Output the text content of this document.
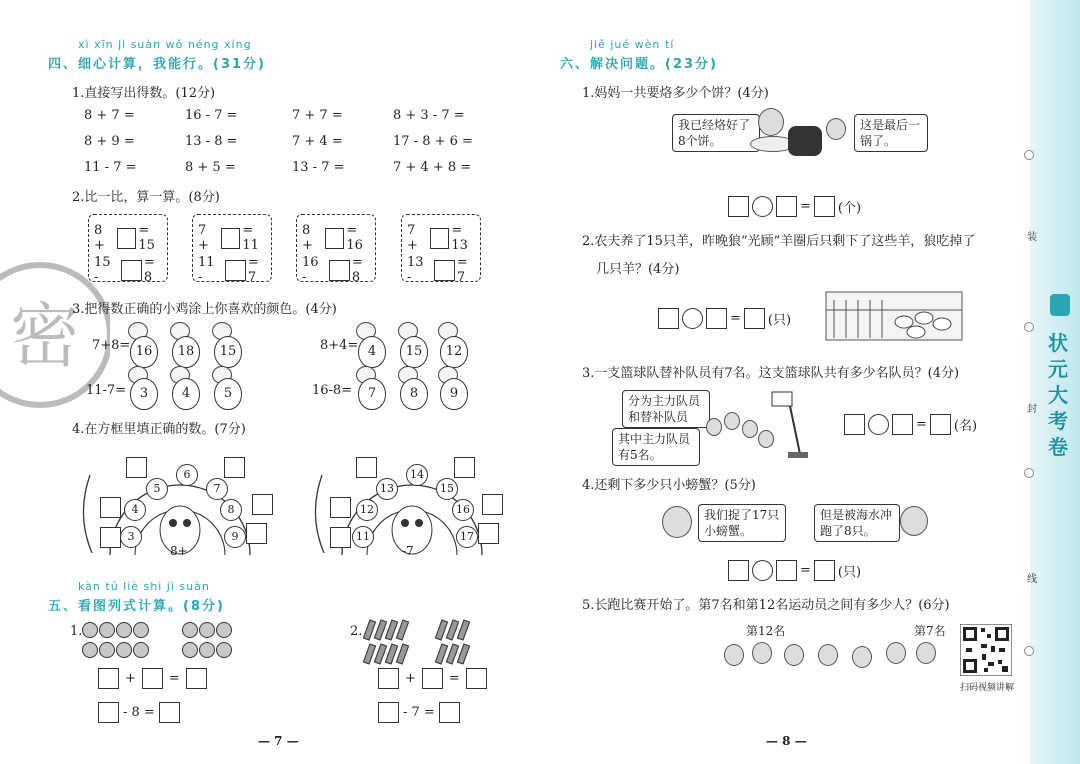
xì xīn jì suàn wǒ néng xíng
四、细心计算，我能行。(31分)
1.直接写出得数。(12分)
8 + 7 =	16 - 7 =	7 + 7 =	8 + 3 - 7 =
8 + 9 =	13 - 8 =	7 + 4 =	17 - 8 + 6 =
11 - 7 =	8 + 5 =	13 - 7 =	7 + 4 + 8 =
2.比一比，算一算。(8分)
8 +
= 15
15 -
= 8
7 +
= 11
11 -
= 7
8 +
= 16
16 -
= 8
7 +
= 13
13 -
= 7
密
3.把得数正确的小鸡涂上你喜欢的颜色。(4分)
7+8= 16	18	15	8+4= 4	15	12
11-7=	3	4	5	16-8=	7	8	9
4.在方框里填正确的数。(7分)
6
5	7
4	8
3	9
8+
14
13	15
12	16
11	17
-7
kàn tú liè shì jì suàn
五、看图列式计算。(8分)
1.

+	=
- 8 =
2.

+	=
- 7 =
— 7 —
jiě jué wèn tí
六、解决问题。(23分)
1.妈妈一共要烙多少个饼？(4分)
我已经烙好了8个饼。
这是最后一锅了。
= (个)
2.农夫养了15只羊，昨晚狼“光顾”羊圈后只剩下了这些羊，狼吃掉了
几只羊？(4分)
= (只)
3.一支篮球队替补队员有7名。这支篮球队共有多少名队员？(4分)
分为主力队员和替补队员
其中主力队员有5名。
= (名)
4.还剩下多少只小螃蟹？(5分)
我们捉了17只小螃蟹。
但是被海水冲跑了8只。
= (只)
5.长跑比赛开始了。第7名和第12名运动员之间有多少人？(6分)
第12名	第7名
扫码视频讲解
— 8 —
装
封
线
状元大考卷
